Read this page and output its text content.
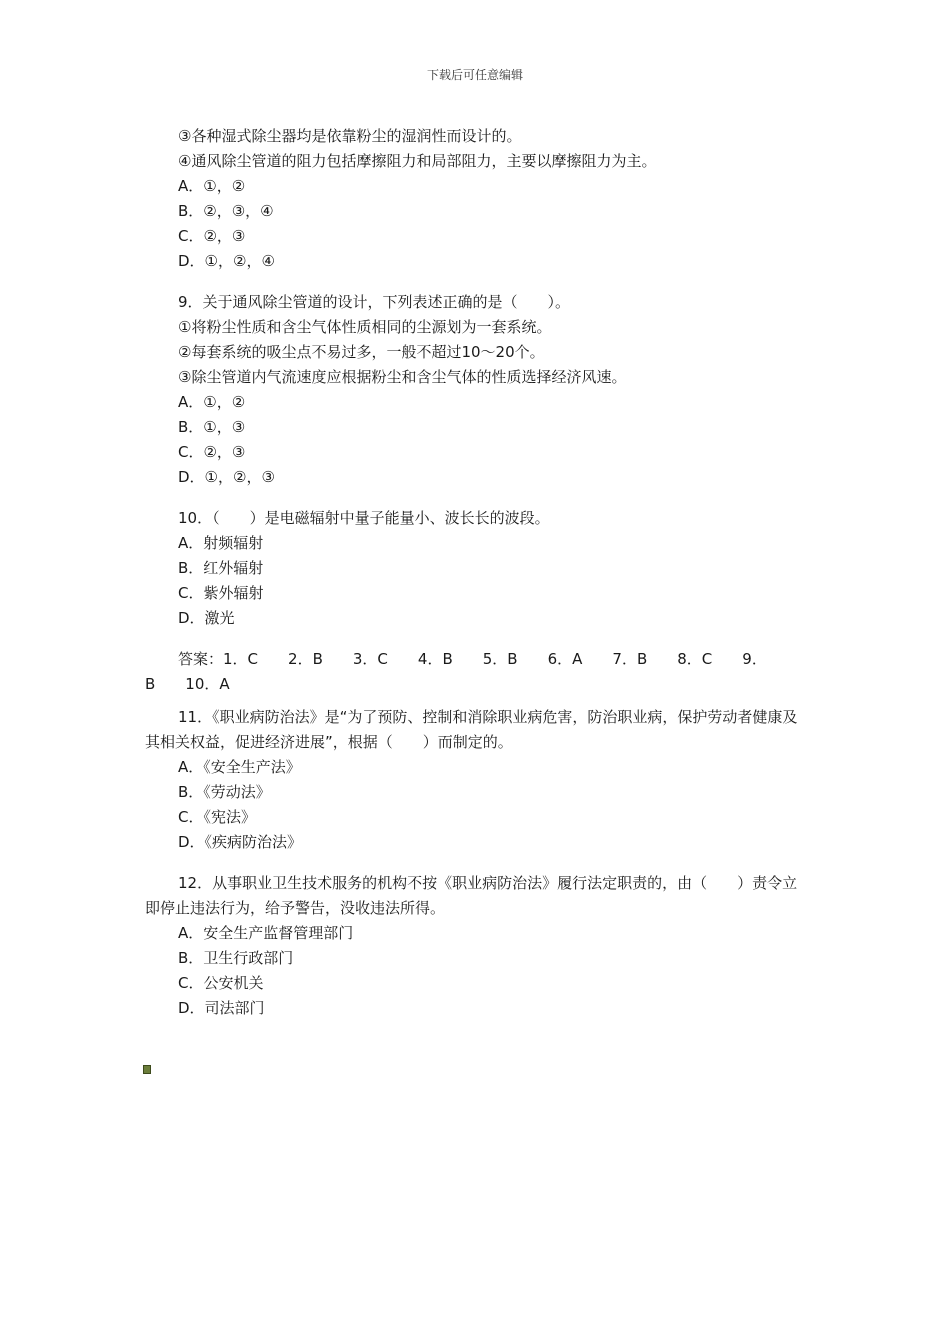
下载后可任意编辑
③各种湿式除尘器均是依靠粉尘的湿润性而设计的。
④通风除尘管道的阻力包括摩擦阻力和局部阻力，主要以摩擦阻力为主。
A．①，②
B．②，③，④
C．②，③
D．①，②，④
9．关于通风除尘管道的设计，下列表述正确的是（　　）。
①将粉尘性质和含尘气体性质相同的尘源划为一套系统。
②每套系统的吸尘点不易过多，一般不超过10～20个。
③除尘管道内气流速度应根据粉尘和含尘气体的性质选择经济风速。
A．①，②
B．①，③
C．②，③
D．①，②，③
10．（　　）是电磁辐射中量子能量小、波长长的波段。
A．射频辐射
B．红外辐射
C．紫外辐射
D．激光
答案：1．C 2．B 3．C 4．B 5．B 6．A 7．B 8．C 9．B 10．A
11．《职业病防治法》是“为了预防、控制和消除职业病危害，防治职业病，保护劳动者健康及其相关权益，促进经济进展”，根据（　　）而制定的。
A．《安全生产法》
B．《劳动法》
C．《宪法》
D．《疾病防治法》
12．从事职业卫生技术服务的机构不按《职业病防治法》履行法定职责的，由（　　）责令立即停止违法行为，给予警告，没收违法所得。
A．安全生产监督管理部门
B．卫生行政部门
C．公安机关
D．司法部门
